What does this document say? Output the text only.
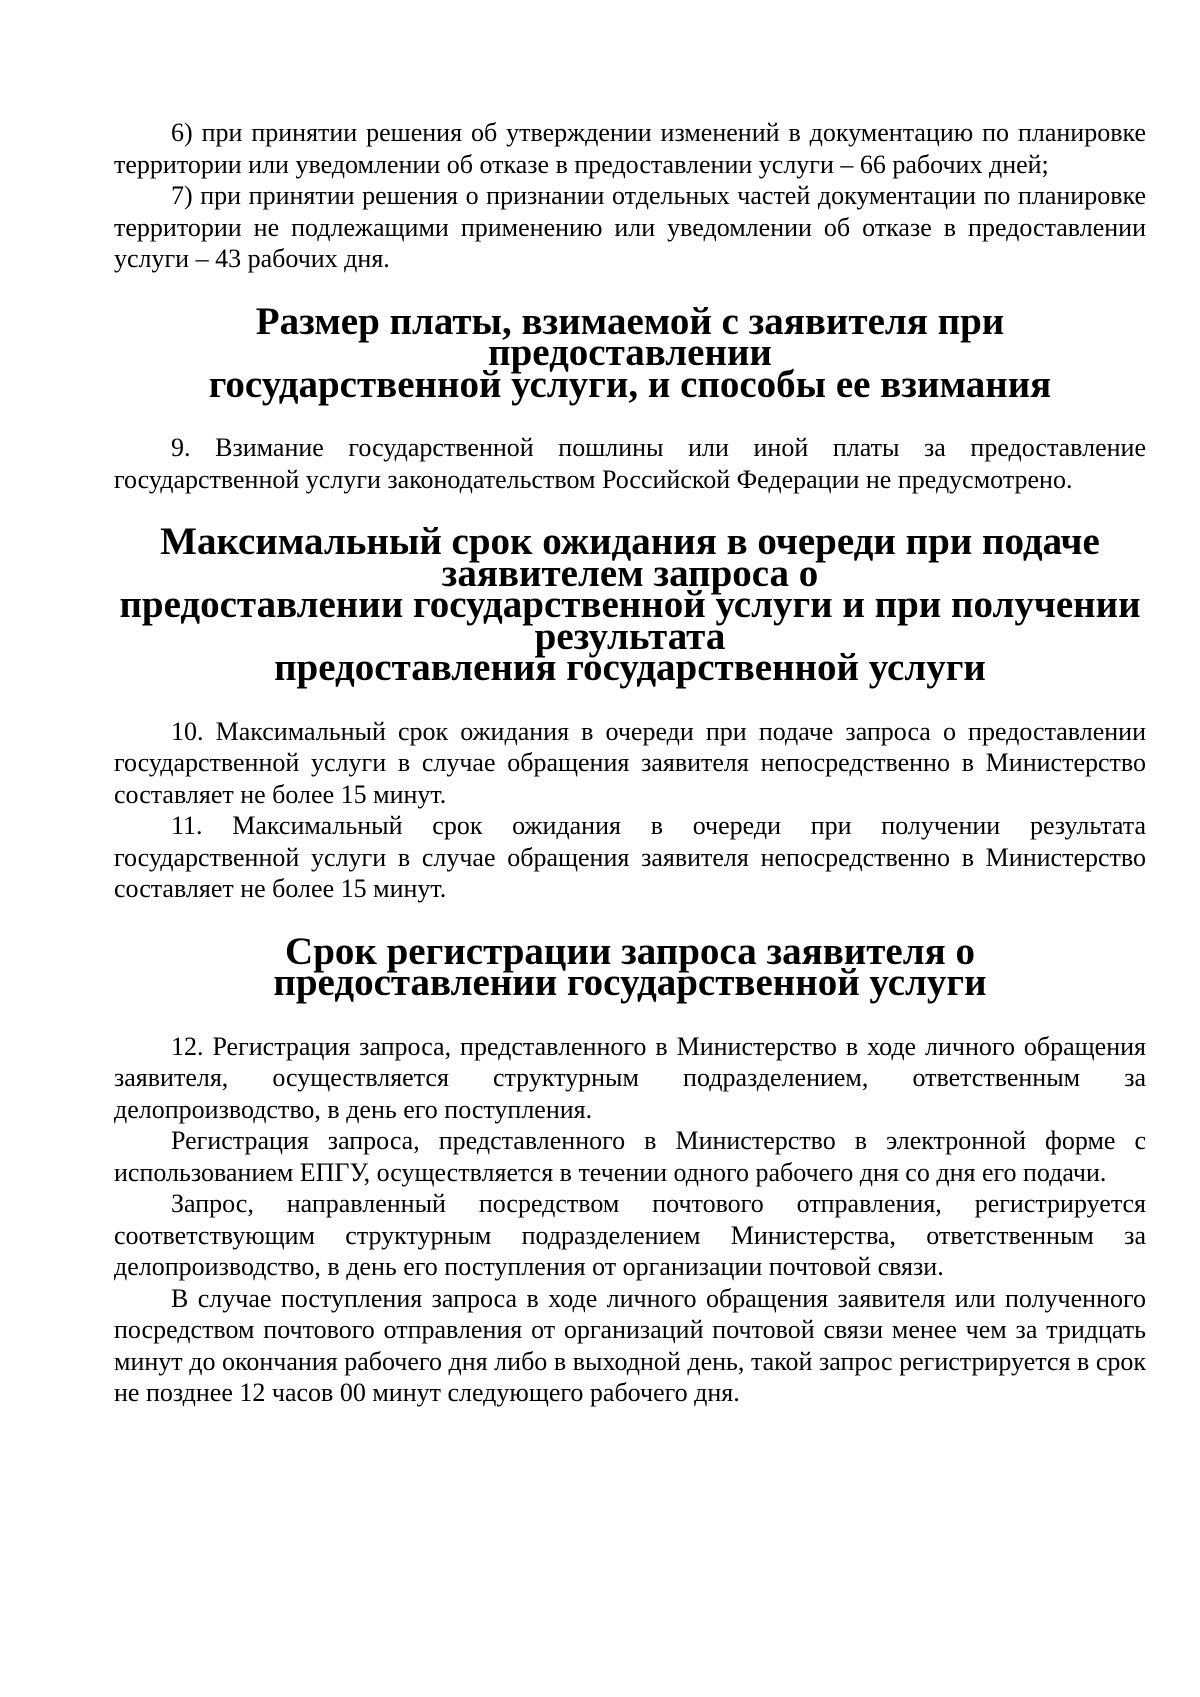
6) при принятии решения об утверждении изменений в документацию по планировке территории или уведомлении об отказе в предоставлении услуги – 66 рабочих дней;

7) при принятии решения о признании отдельных частей документации по планировке территории не подлежащими применению или уведомлении об отказе в предоставлении услуги – 43 рабочих дня.

Размер платы, взимаемой с заявителя при предоставлении
государственной услуги, и способы ее взимания

9. Взимание государственной пошлины или иной платы за предоставление государственной услуги законодательством Российской Федерации не предусмотрено.

Максимальный срок ожидания в очереди при подаче заявителем запроса о
предоставлении государственной услуги и при получении результата
предоставления государственной услуги

10. Максимальный срок ожидания в очереди при подаче запроса о предоставлении государственной услуги в случае обращения заявителя непосредственно в Министерство составляет не более 15 минут.

11. Максимальный срок ожидания в очереди при получении результата государственной услуги в случае обращения заявителя непосредственно в Министерство составляет не более 15 минут.

Срок регистрации запроса заявителя о
предоставлении государственной услуги

12. Регистрация запроса, представленного в Министерство в ходе личного обращения заявителя, осуществляется структурным подразделением, ответственным за делопроизводство, в день его поступления.

Регистрация запроса, представленного в Министерство в электронной форме с использованием ЕПГУ, осуществляется в течении одного рабочего дня со дня его подачи.

Запрос, направленный посредством почтового отправления, регистрируется соответствующим структурным подразделением Министерства, ответственным за делопроизводство, в день его поступления от организации почтовой связи.

В случае поступления запроса в ходе личного обращения заявителя или полученного посредством почтового отправления от организаций почтовой связи менее чем за тридцать минут до окончания рабочего дня либо в выходной день, такой запрос регистрируется в срок не позднее 12 часов 00 минут следующего рабочего дня.
